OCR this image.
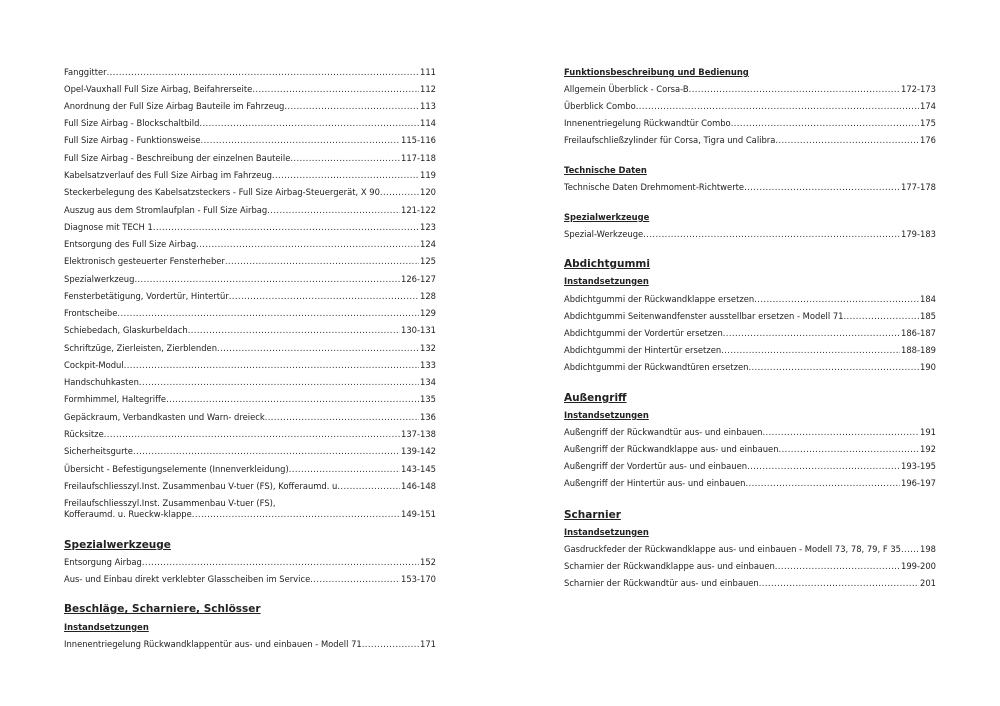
Fanggitter .....	111
Opel-Vauxhall Full Size Airbag, Beifahrerseite .....	112
Anordnung der Full Size Airbag Bauteile im Fahrzeug .....	113
Full Size Airbag - Blockschaltbild .....	114
Full Size Airbag - Funktionsweise .....	115-116
Full Size Airbag - Beschreibung der einzelnen Bauteile .....	117-118
Kabelsatzverlauf des Full Size Airbag im Fahrzeug .....	119
Steckerbelegung des Kabelsatzsteckers - Full Size Airbag-Steuergerät, X 90 .....	120
Auszug aus dem Stromlaufplan - Full Size Airbag .....	121-122
Diagnose mit TECH 1 .....	123
Entsorgung des Full Size Airbag .....	124
Elektronisch gesteuerter Fensterheber .....	125
Spezialwerkzeug .....	126-127
Fensterbetätigung, Vordertür, Hintertür .....	128
Frontscheibe .....	129
Schiebedach, Glaskurbeldach .....	130-131
Schriftzüge, Zierleisten, Zierblenden .....	132
Cockpit-Modul .....	133
Handschuhkasten .....	134
Formhimmel, Haltegriffe .....	135
Gepäckraum, Verbandkasten und Warn- dreieck .....	136
Rücksitze .....	137-138
Sicherheitsgurte .....	139-142
Übersicht - Befestigungselemente (Innenverkleidung) .....	143-145
Freilaufschliesszyl.Inst. Zusammenbau V-tuer (FS), Kofferaumd. u .....	146-148
Freilaufschliesszyl.Inst. Zusammenbau V-tuer (FS),
Kofferaumd. u. Rueckw-klappe .....	149-151
Spezialwerkzeuge
Entsorgung Airbag .....	152
Aus- und Einbau direkt verklebter Glasscheiben im Service .....	153-170
Beschläge, Scharniere, Schlösser
Instandsetzungen
Innenentriegelung Rückwandklappentür aus- und einbauen - Modell 71 .....	171
Funktionsbeschreibung und Bedienung
Allgemein Überblick - Corsa-B .....	172-173
Überblick Combo .....	174
Innenentriegelung Rückwandtür Combo .....	175
Freilaufschließzylinder für Corsa, Tigra und Calibra .....	176
Technische Daten
Technische Daten Drehmoment-Richtwerte .....	177-178
Spezialwerkzeuge
Spezial-Werkzeuge .....	179-183
Abdichtgummi
Instandsetzungen
Abdichtgummi der Rückwandklappe ersetzen .....	184
Abdichtgummi Seitenwandfenster ausstellbar ersetzen - Modell 71 .....	185
Abdichtgummi der Vordertür ersetzen .....	186-187
Abdichtgummi der Hintertür ersetzen .....	188-189
Abdichtgummi der Rückwandtüren ersetzen .....	190
Außengriff
Instandsetzungen
Außengriff der Rückwandtür aus- und einbauen .....	191
Außengriff der Rückwandklappe aus- und einbauen .....	192
Außengriff der Vordertür aus- und einbauen .....	193-195
Außengriff der Hintertür aus- und einbauen .....	196-197
Scharnier
Instandsetzungen
Gasdruckfeder der Rückwandklappe aus- und einbauen - Modell 73, 78, 79, F 35 ..... 198
Scharnier der Rückwandklappe aus- und einbauen .....	199-200
Scharnier der Rückwandtür aus- und einbauen .....	201
